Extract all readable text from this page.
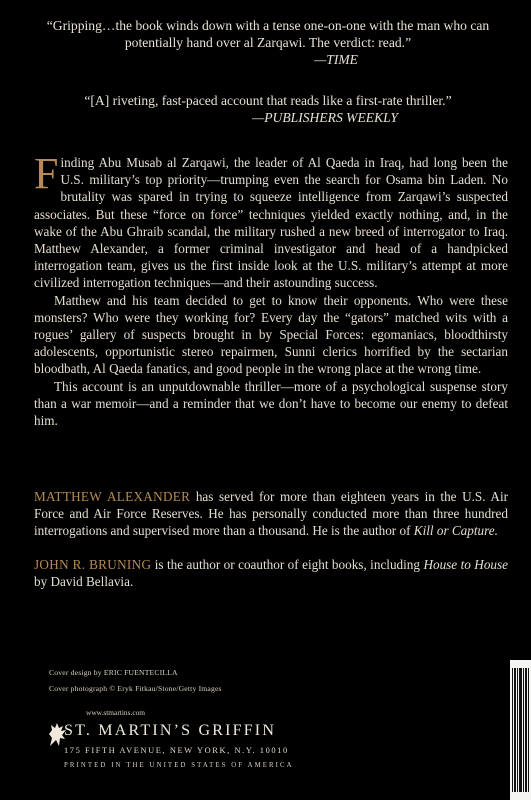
“Gripping…the book winds down with a tense one-on-one with the man who can potentially hand over al Zarqawi. The verdict: read.”
—TIME
“[A] riveting, fast-paced account that reads like a first-rate thriller.”
—PUBLISHERS WEEKLY

Finding Abu Musab al Zarqawi, the leader of Al Qaeda in Iraq, had long been the U.S. military’s top priority—trumping even the search for Osama bin Laden. No brutality was spared in trying to squeeze intelligence from Zarqawi’s suspected associates. But these “force on force” techniques yielded exactly nothing, and, in the wake of the Abu Ghraib scandal, the military rushed a new breed of interrogator to Iraq. Matthew Alexander, a former criminal investigator and head of a handpicked interrogation team, gives us the first inside look at the U.S. military’s attempt at more civilized interrogation techniques—and their astounding success.

Matthew and his team decided to get to know their opponents. Who were these monsters? Who were they working for? Every day the “gators” matched wits with a rogues’ gallery of suspects brought in by Special Forces: egomaniacs, bloodthirsty adolescents, opportunistic stereo repairmen, Sunni clerics horrified by the sectarian bloodbath, Al Qaeda fanatics, and good people in the wrong place at the wrong time.

This account is an unputdownable thriller—more of a psychological suspense story than a war memoir—and a reminder that we don’t have to become our enemy to defeat him.

MATTHEW ALEXANDER has served for more than eighteen years in the U.S. Air Force and Air Force Reserves. He has personally conducted more than three hundred interrogations and supervised more than a thousand. He is the author of Kill or Capture.
JOHN R. BRUNING is the author or coauthor of eight books, including House to House by David Bellavia.
Cover design by ERIC FUENTECILLA
Cover photograph © Eryk Fitkau/Stone/Getty Images
www.stmartins.com
ST. MARTIN’S GRIFFIN
175 FIFTH AVENUE, NEW YORK, N.Y. 10010
PRINTED IN THE UNITED STATES OF AMERICA
